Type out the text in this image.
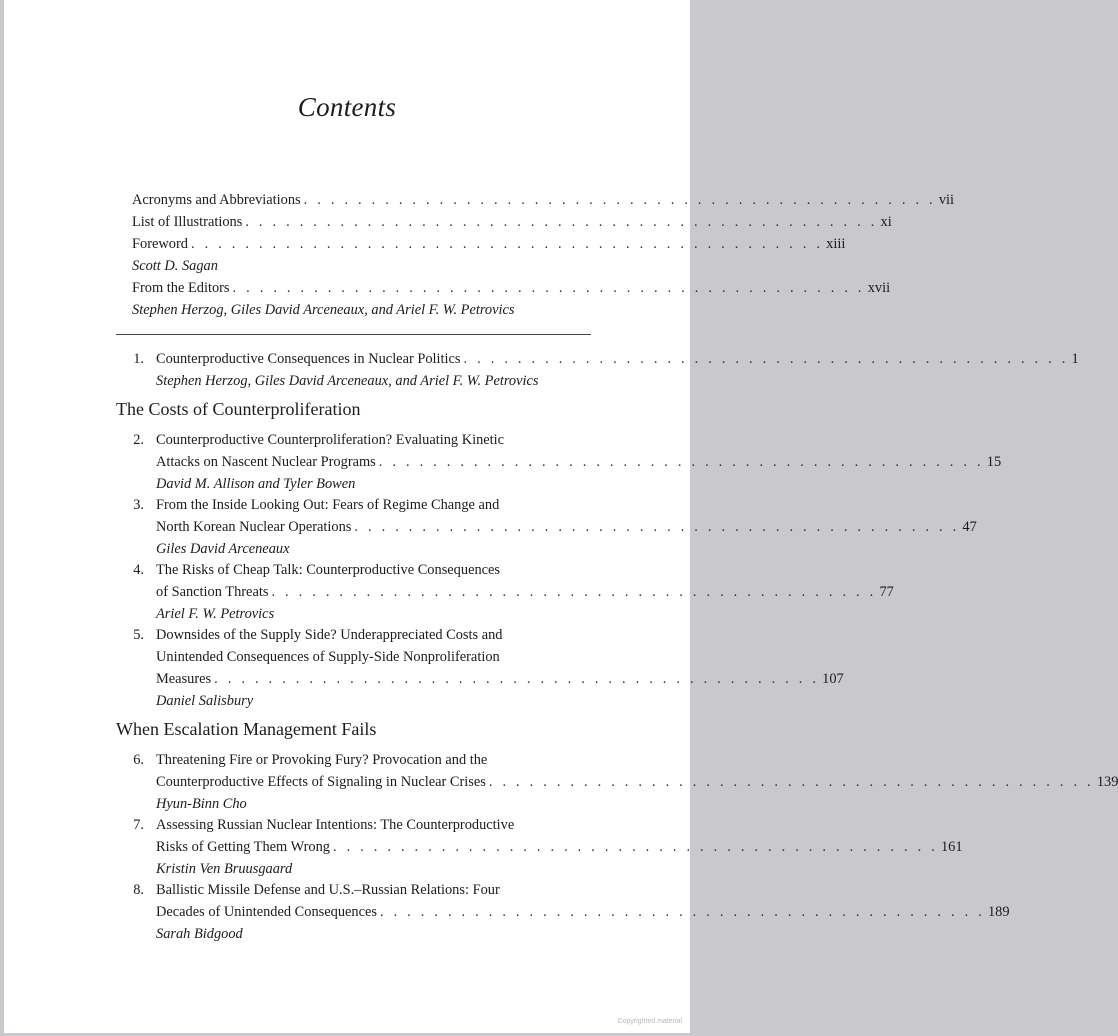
Contents
Acronyms and Abbreviations . . . . . . . . . . . . . . . . . . . . . . . . . . . . . . . . . . . . . . . . . . . . . . . vii
List of Illustrations . . . . . . . . . . . . . . . . . . . . . . . . . . . . . . . . . . . . . . . . . . . . . . . xi
Foreword . . . . . . . . . . . . . . . . . . . . . . . . . . . . . . . . . . . . . . . . . . . . . . . xiii
Scott D. Sagan
From the Editors . . . . . . . . . . . . . . . . . . . . . . . . . . . . . . . . . . . . . . . . . . . . . . . xvii
Stephen Herzog, Giles David Arceneaux, and Ariel F. W. Petrovics
1. Counterproductive Consequences in Nuclear Politics . . . . . . . . . . . . . . . . . . . . . . . . . . . . . . . . . . . . . . . . . . . . . 1
Stephen Herzog, Giles David Arceneaux, and Ariel F. W. Petrovics
The Costs of Counterproliferation
2. Counterproductive Counterproliferation? Evaluating Kinetic
Attacks on Nascent Nuclear Programs . . . . . . . . . . . . . . . . . . . . . . . . . . . . . . . . . . . . . . . . . . . . . 15
David M. Allison and Tyler Bowen
3. From the Inside Looking Out: Fears of Regime Change and
North Korean Nuclear Operations . . . . . . . . . . . . . . . . . . . . . . . . . . . . . . . . . . . . . . . . . . . . . 47
Giles David Arceneaux
4. The Risks of Cheap Talk: Counterproductive Consequences
of Sanction Threats . . . . . . . . . . . . . . . . . . . . . . . . . . . . . . . . . . . . . . . . . . . . . 77
Ariel F. W. Petrovics
5. Downsides of the Supply Side? Underappreciated Costs and
Unintended Consequences of Supply-Side Nonproliferation
Measures . . . . . . . . . . . . . . . . . . . . . . . . . . . . . . . . . . . . . . . . . . . . . 107
Daniel Salisbury
When Escalation Management Fails
6. Threatening Fire or Provoking Fury? Provocation and the
Counterproductive Effects of Signaling in Nuclear Crises . . . . . . . . . . . . . . . . . . . . . . . . . . . . . . . . . . . . . . . . . . . . . 139
Hyun-Binn Cho
7. Assessing Russian Nuclear Intentions: The Counterproductive
Risks of Getting Them Wrong . . . . . . . . . . . . . . . . . . . . . . . . . . . . . . . . . . . . . . . . . . . . . 161
Kristin Ven Bruusgaard
8. Ballistic Missile Defense and U.S.–Russian Relations: Four
Decades of Unintended Consequences . . . . . . . . . . . . . . . . . . . . . . . . . . . . . . . . . . . . . . . . . . . . . 189
Sarah Bidgood
Copyrighted material
